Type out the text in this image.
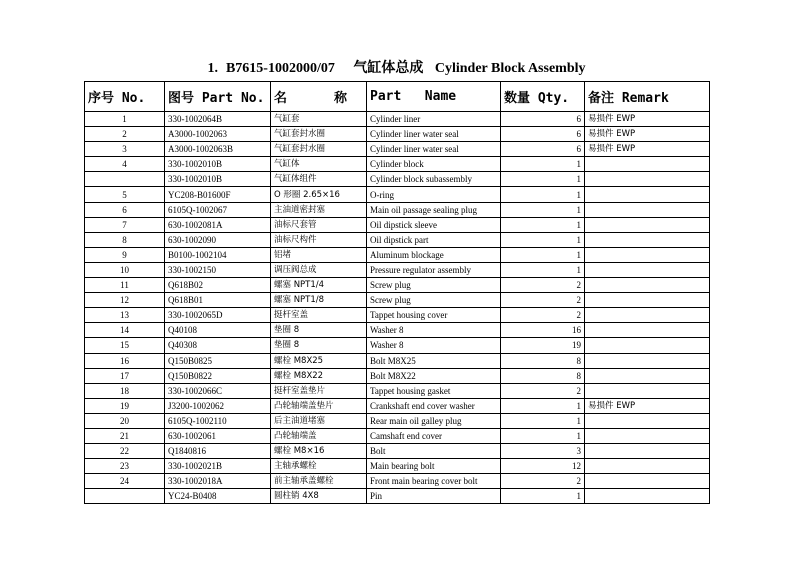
1. B7615-1002000/07 气缸体总成 Cylinder Block Assembly
序号 No.	图号 Part No.	名      称	Part   Name	数量 Qty.	备注 Remark
1	330-1002064B	气缸套	Cylinder liner	6	易损件 EWP
2	A3000-1002063	气缸套封水圈	Cylinder liner water seal	6	易损件 EWP
3	A3000-1002063B	气缸套封水圈	Cylinder liner water seal	6	易损件 EWP
4	330-1002010B	气缸体	Cylinder block	1	
	330-1002010B	气缸体组件	Cylinder block subassembly	1	
5	YC208-B01600F	O 形圈 2.65×16	O-ring	1	
6	6105Q-1002067	主油道密封塞	Main oil passage sealing plug	1	
7	630-1002081A	油标尺套管	Oil dipstick sleeve	1	
8	630-1002090	油标尺构件	Oil dipstick part	1	
9	B0100-1002104	铝堵	Aluminum blockage	1	
10	330-1002150	调压阀总成	Pressure regulator assembly	1	
11	Q618B02	螺塞 NPT1/4	Screw plug	2	
12	Q618B01	螺塞 NPT1/8	Screw plug	2	
13	330-1002065D	挺杆室盖	Tappet housing cover	2	
14	Q40108	垫圈 8	Washer 8	16	
15	Q40308	垫圈 8	Washer 8	19	
16	Q150B0825	螺栓 M8X25	Bolt M8X25	8	
17	Q150B0822	螺栓 M8X22	Bolt M8X22	8	
18	330-1002066C	挺杆室盖垫片	Tappet housing gasket	2	
19	J3200-1002062	凸轮轴端盖垫片	Crankshaft end cover washer	1	易损件 EWP
20	6105Q-1002110	后主油道堵塞	Rear main oil galley plug	1	
21	630-1002061	凸轮轴端盖	Camshaft end cover	1	
22	Q1840816	螺栓 M8×16	Bolt	3	
23	330-1002021B	主轴承螺栓	Main bearing bolt	12	
24	330-1002018A	前主轴承盖螺栓	Front main bearing cover bolt	2	
	YC24-B0408	圆柱销 4X8	Pin	1	
